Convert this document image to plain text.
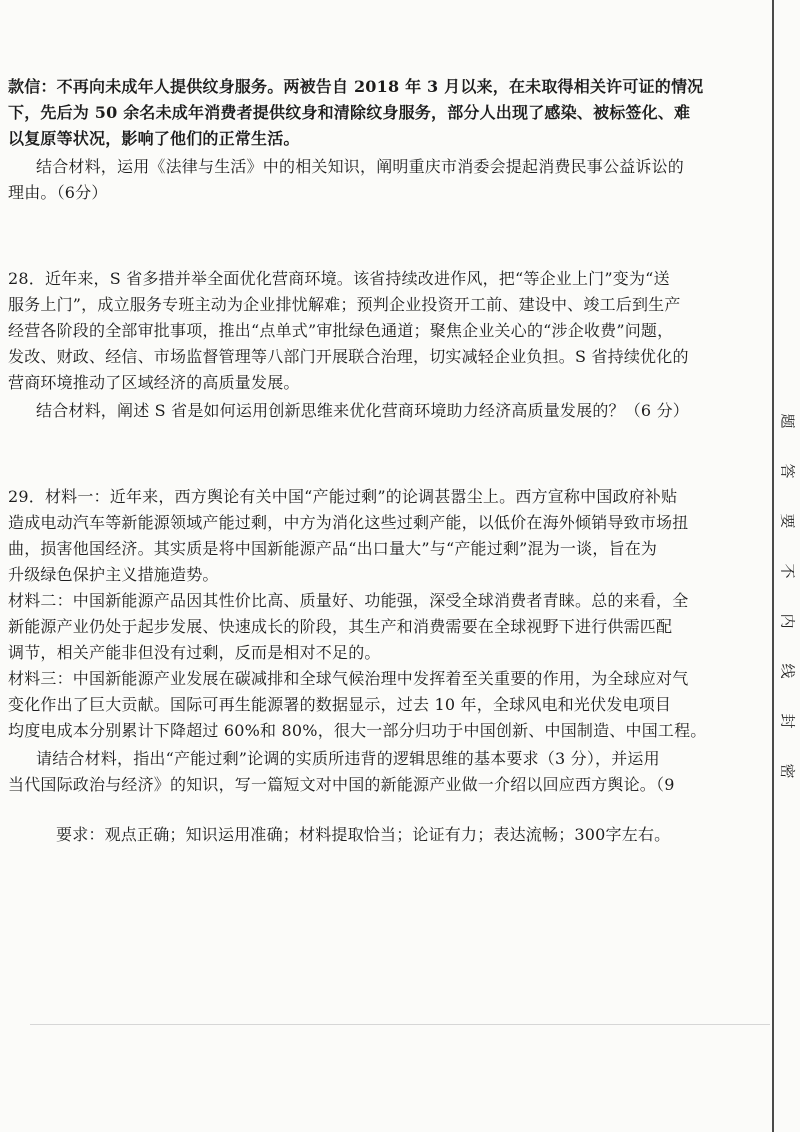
款信：不再向未成年人提供纹身服务。两被告自 2018 年 3 月以来，在未取得相关许可证的情况
下，先后为 50 余名未成年消费者提供纹身和清除纹身服务，部分人出现了感染、被标签化、难
以复原等状况，影响了他们的正常生活。
结合材料，运用《法律与生活》中的相关知识，阐明重庆市消委会提起消费民事公益诉讼的
理由。（6分）
28．近年来，S 省多措并举全面优化营商环境。该省持续改进作风，把“等企业上门”变为“送
服务上门”，成立服务专班主动为企业排忧解难；预判企业投资开工前、建设中、竣工后到生产
经营各阶段的全部审批事项，推出“点单式”审批绿色通道；聚焦企业关心的“涉企收费”问题，
发改、财政、经信、市场监督管理等八部门开展联合治理，切实减轻企业负担。S 省持续优化的
营商环境推动了区域经济的高质量发展。
结合材料，阐述 S 省是如何运用创新思维来优化营商环境助力经济高质量发展的？（6 分）
29．材料一：近年来，西方舆论有关中国“产能过剩”的论调甚嚣尘上。西方宣称中国政府补贴
造成电动汽车等新能源领域产能过剩，中方为消化这些过剩产能，以低价在海外倾销导致市场扭
曲，损害他国经济。其实质是将中国新能源产品“出口量大”与“产能过剩”混为一谈，旨在为
升级绿色保护主义措施造势。
材料二：中国新能源产品因其性价比高、质量好、功能强，深受全球消费者青睐。总的来看，全
新能源产业仍处于起步发展、快速成长的阶段，其生产和消费需要在全球视野下进行供需匹配
调节，相关产能非但没有过剩，反而是相对不足的。
材料三：中国新能源产业发展在碳减排和全球气候治理中发挥着至关重要的作用，为全球应对气
变化作出了巨大贡献。国际可再生能源署的数据显示，过去 10 年，全球风电和光伏发电项目
均度电成本分别累计下降超过 60%和 80%，很大一部分归功于中国创新、中国制造、中国工程。
请结合材料，指出“产能过剩”论调的实质所违背的逻辑思维的基本要求（3 分），并运用
当代国际政治与经济》的知识，写一篇短文对中国的新能源产业做一介绍以回应西方舆论。（9
要求：观点正确；知识运用准确；材料提取恰当；论证有力；表达流畅；300字左右。
题
答
要
不
内
线
封
密
